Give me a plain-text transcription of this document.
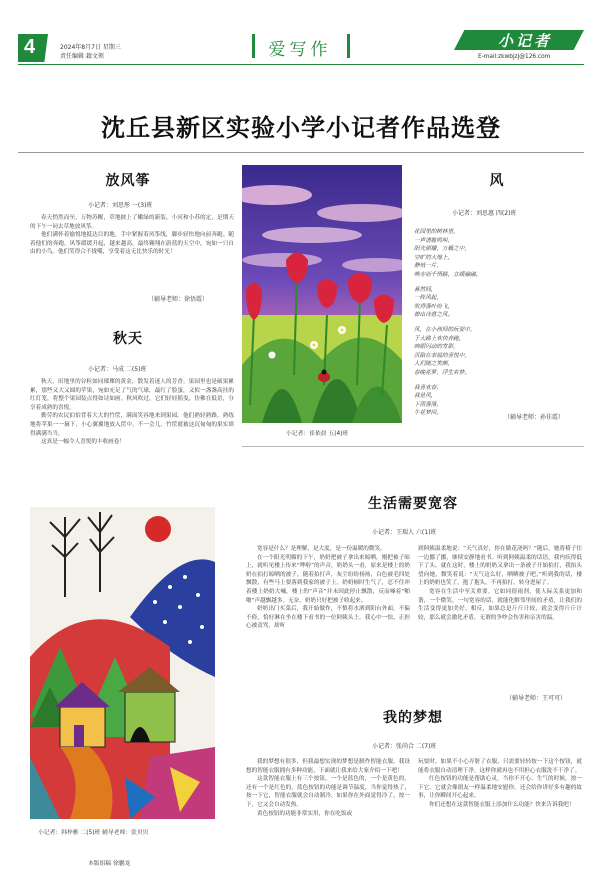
4	2024年8月7日 星期三
责任编辑 籍文领	爱写作	小记者
E-mail:zkwbjzj@126.com
沈丘县新区实验小学小记者作品选登
放风筝
小记者：刘思彤 一(3)班

春天悄然而至，万物苏醒，草地披上了嫩绿的新装。小河和小苏的定，是期天的下午一同去草地放风筝。

他们满怀着愉悦地抵达目的地，手中紧握着风筝线，脚步轻快地向前奔跑。随着他们的奔跑，风筝缓缓升起，越来越高，最终翱翔在蔚蓝的天空中，宛如一只自由的小鸟。他们笑得合不拢嘴，享受着这无比快乐的时光！

（辅导老师：徐悟霞）
秋天
小记者：马成 二(5)班

秋天，田地里的谷粒如同璀璨的黄金，散发着迷人的芳香。果园里也是硕果累累，那些又大又圆的苹果，宛如充足了气的气球，最红了脸蛋，又似一盏盏高挂的红灯笼，将整个果园装点得如诗如画。秋风吹过，它们轻轻摇曳，仿佛在低语，分享着成熟的喜悦。

勤劳的农民伯伯背着大大的竹筐，满面笑容地来到果园。他们熟轻熟路，熟练地将苹果一一摘下，小心翼翼地放入筐中。不一会儿，竹筐就被这沉甸甸的果实填得满满当当。

这真是一幅令人喜悦的丰收画卷！

小记者：崔依晨 五(4)班
风
小记者：刘思惠 四(2)班
花园里的树林里，
一声清脆鸣叫，
阳光照耀，万籁之中，
空旷的大地上，
静悄一片，
唤亦而千悟路，立暖融融。
暮然间，
一阵风起，
吹得落叶纷飞，
撩出诗意之风。
风，在小孩间的玩耍中，
于大路上欢快奔跑，
映眼闪动的发影，
沉陷在幸福的喜悦中，
人们随之笑颜，
春晚花萝，浮生若梦。
我喜欢春，
我是风，
下雨落落，
牛花梦回。
（辅导老师：孙佳霞）
小记者：韩梓雅 二(5)班 辅导老师：张贝贝
本版组稿 徐鹏龙
生活需要宽容
小记者：王瑞人 六(1)班

宽容是什么？是理解，是大度，是一份温暖的微笑。

在一个阳光明媚的下午，奶奶把被子拿出来晾晒，刚把被子晾上，就听见楼上传来“哗啦”的声音，奶奶头一看，原来是楼上的奶奶在拍打晾晒的被子，随着拍打声，灰尘纷纷扬扬，白色被毛四处飘散，有些马上要落到我家的被子上。奶奶顿时生气了，忍不住冲着楼上奶奶大喊。楼上的“声音”并未因此停止飘散，反而嗓着“啪啪”声越飘越多。无奈，奶奶只好把被子收起来。

奶奶出门买菜后，我开始做作，不慎将水洒到阳台外面，不偏不倚，恰好淋在坐在楼下看书的一位阿姨头上。我心中一惊，正担心被责骂，却听

到阿姨温柔地说：“天气真好，你在做花浇吗？”随后，她将椅子往一边挪了挪，继续安静地看书。听到阿姨温柔的话语，我内疚得低下了头。就在这时，楼上的奶奶又拿出一条被子开始拍打，我抬头望向她，微笑着说：“天气这么好，晒晒被子吧。”听到我的话，楼上的奶奶也笑了，抱了抱头，不再拍打，转身进屋了。

宽容在生活中至关重要。它如同很雨剂，使人际关系更加和谐，一个微笑，一句宽容的话，就能化解邻里间的矛盾，让我们的生活变得更加美好。相反，如果总是斤斤计较，就会变得斤斤计较，那么就会激化矛盾，无谓的争吵会伤害和亲害的温。

（辅导老师：王可可）
我的梦想
小记者：张尚合 二(7)班

我的梦想有很多，但我最想实现的梦想是制作智能衣服。我设想的智能衣服拥有多种功能，下面就让我来给大家介绍一下吧！

这款智能衣服上有三个按钮，一个是蓝色的，一个是黄色的，还有一个是红色的。蓝色按钮的功能是调节温度，当你觉得热了，按一下它，智能衣服就会自动制冷，如果你在外面觉得冷了，按一下，它又会自动发热。

黄色按钮的功能非常实用，你在吃饭或

玩耍时，如果不小心弄脏了衣服，只需要轻轻按一下这个按钮，就能将衣服自动清理干净，这样你就再也不用担心衣服洗不干净了。

红色按钮的功能是帮助心灵，当你不开心、生气的时候，按一下它，它就会像朋友一样温柔地安慰你，还会给你讲好多有趣的故事，让你瞬间开心起来。

你们还想在这款智能衣服上添加什么功能？快来告诉我吧！
